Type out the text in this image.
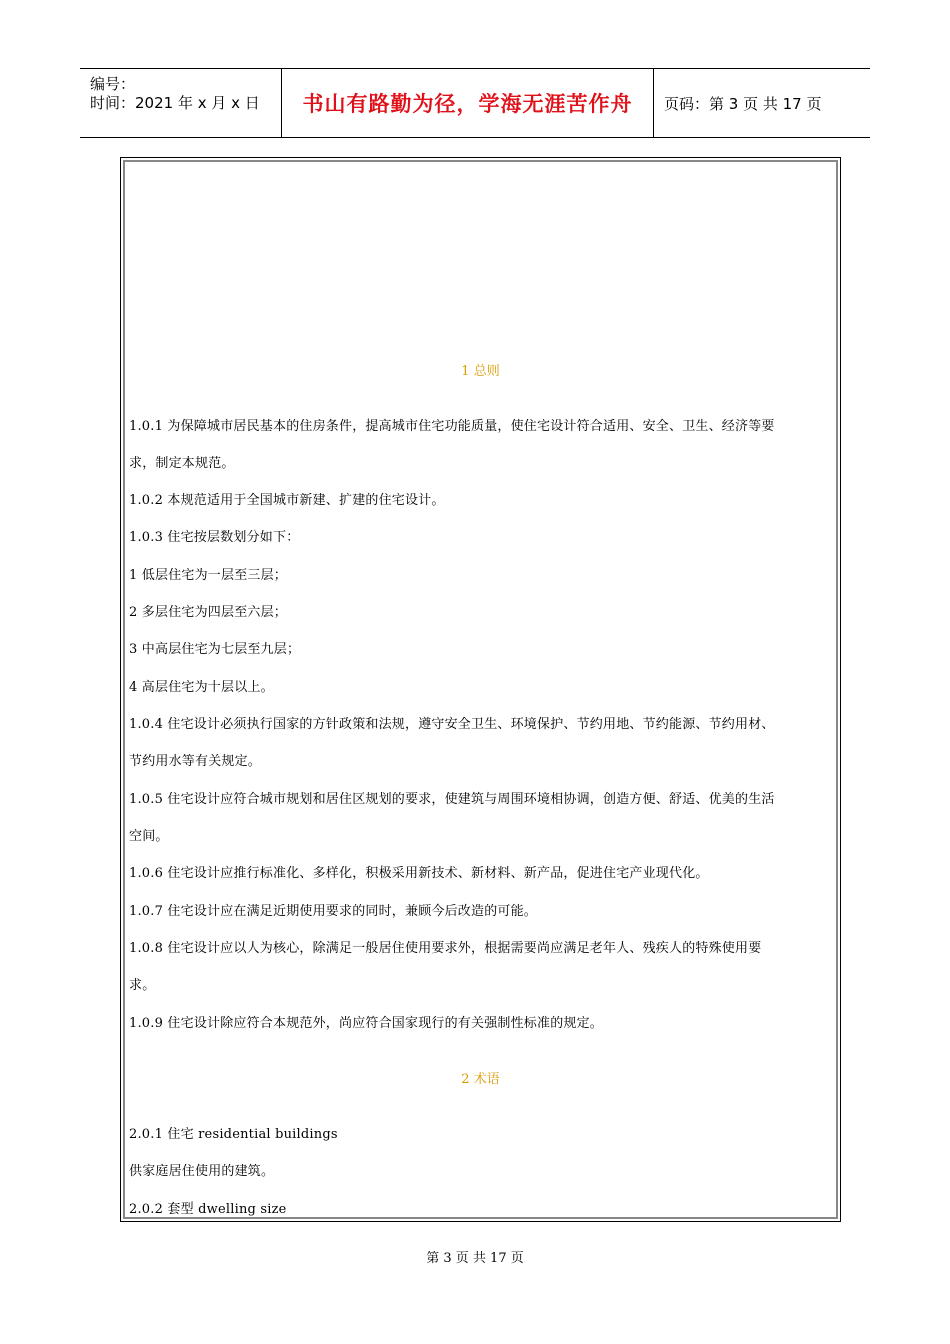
编号：
时间：2021 年 x 月 x 日	书山有路勤为径，学海无涯苦作舟	页码：第 3 页 共 17 页
1 总则
1.0.1 为保障城市居民基本的住房条件，提高城市住宅功能质量，使住宅设计符合适用、安全、卫生、经济等要
求，制定本规范。
1.0.2 本规范适用于全国城市新建、扩建的住宅设计。
1.0.3 住宅按层数划分如下：
1 低层住宅为一层至三层；
2 多层住宅为四层至六层；
3 中高层住宅为七层至九层；
4 高层住宅为十层以上。
1.0.4 住宅设计必须执行国家的方针政策和法规，遵守安全卫生、环境保护、节约用地、节约能源、节约用材、
节约用水等有关规定。
1.0.5 住宅设计应符合城市规划和居住区规划的要求，使建筑与周围环境相协调，创造方便、舒适、优美的生活
空间。
1.0.6 住宅设计应推行标准化、多样化，积极采用新技术、新材料、新产品，促进住宅产业现代化。
1.0.7 住宅设计应在满足近期使用要求的同时，兼顾今后改造的可能。
1.0.8 住宅设计应以人为核心，除满足一般居住使用要求外，根据需要尚应满足老年人、残疾人的特殊使用要
求。
1.0.9 住宅设计除应符合本规范外，尚应符合国家现行的有关强制性标准的规定。
2 术语
2.0.1 住宅 residential buildings
供家庭居住使用的建筑。
2.0.2 套型 dwelling size
第 3 页 共 17 页
